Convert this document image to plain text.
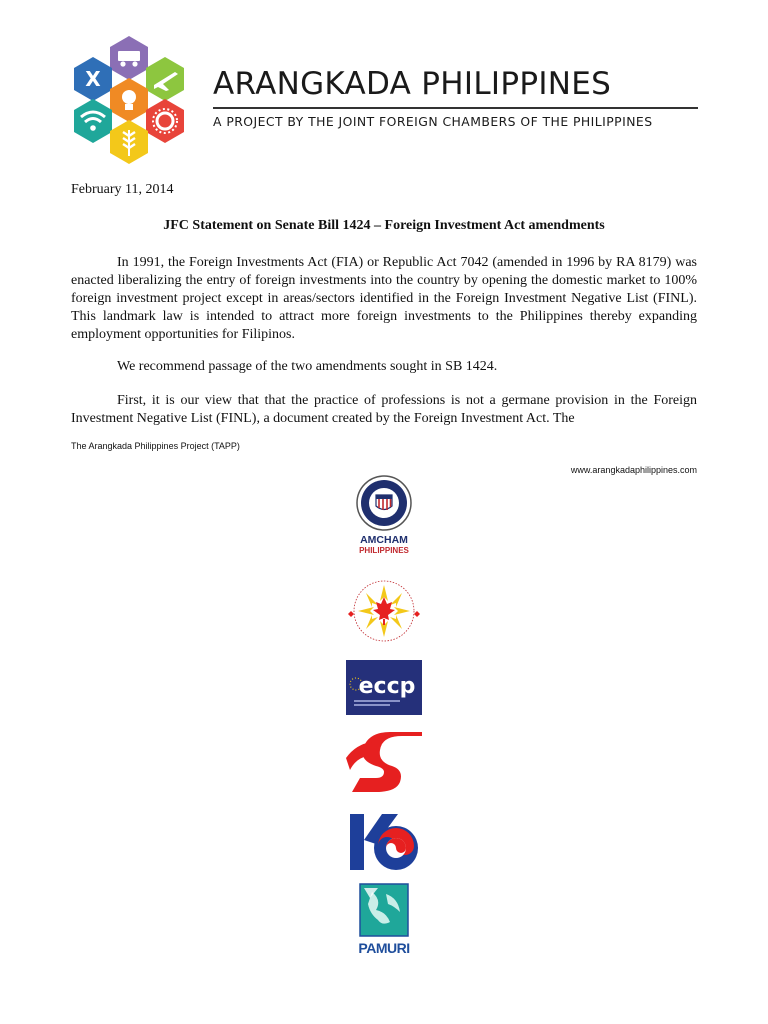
X	ARANGKADA PHILIPPINES
A PROJECT BY THE JOINT FOREIGN CHAMBERS OF THE PHILIPPINES
February 11, 2014
JFC Statement on Senate Bill 1424 – Foreign Investment Act amendments

In 1991, the Foreign Investments Act (FIA) or Republic Act 7042 (amended in 1996 by RA 8179) was enacted liberalizing the entry of foreign investments into the country by opening the domestic market to 100% foreign investment project except in areas/sectors identified in the Foreign Investment Negative List (FINL). This landmark law is intended to attract more foreign investments to the Philippines thereby expanding employment opportunities for Filipinos.

We recommend passage of the two amendments sought in SB 1424.

First, it is our view that that the practice of professions is not a germane provision in the Foreign Investment Negative List (FINL), a document created by the Foreign Investment Act. The

The Arangkada Philippines Project (TAPP)
www.arangkadaphilippines.com
AMCHAM
PHILIPPINES
eccp
PAMURI
